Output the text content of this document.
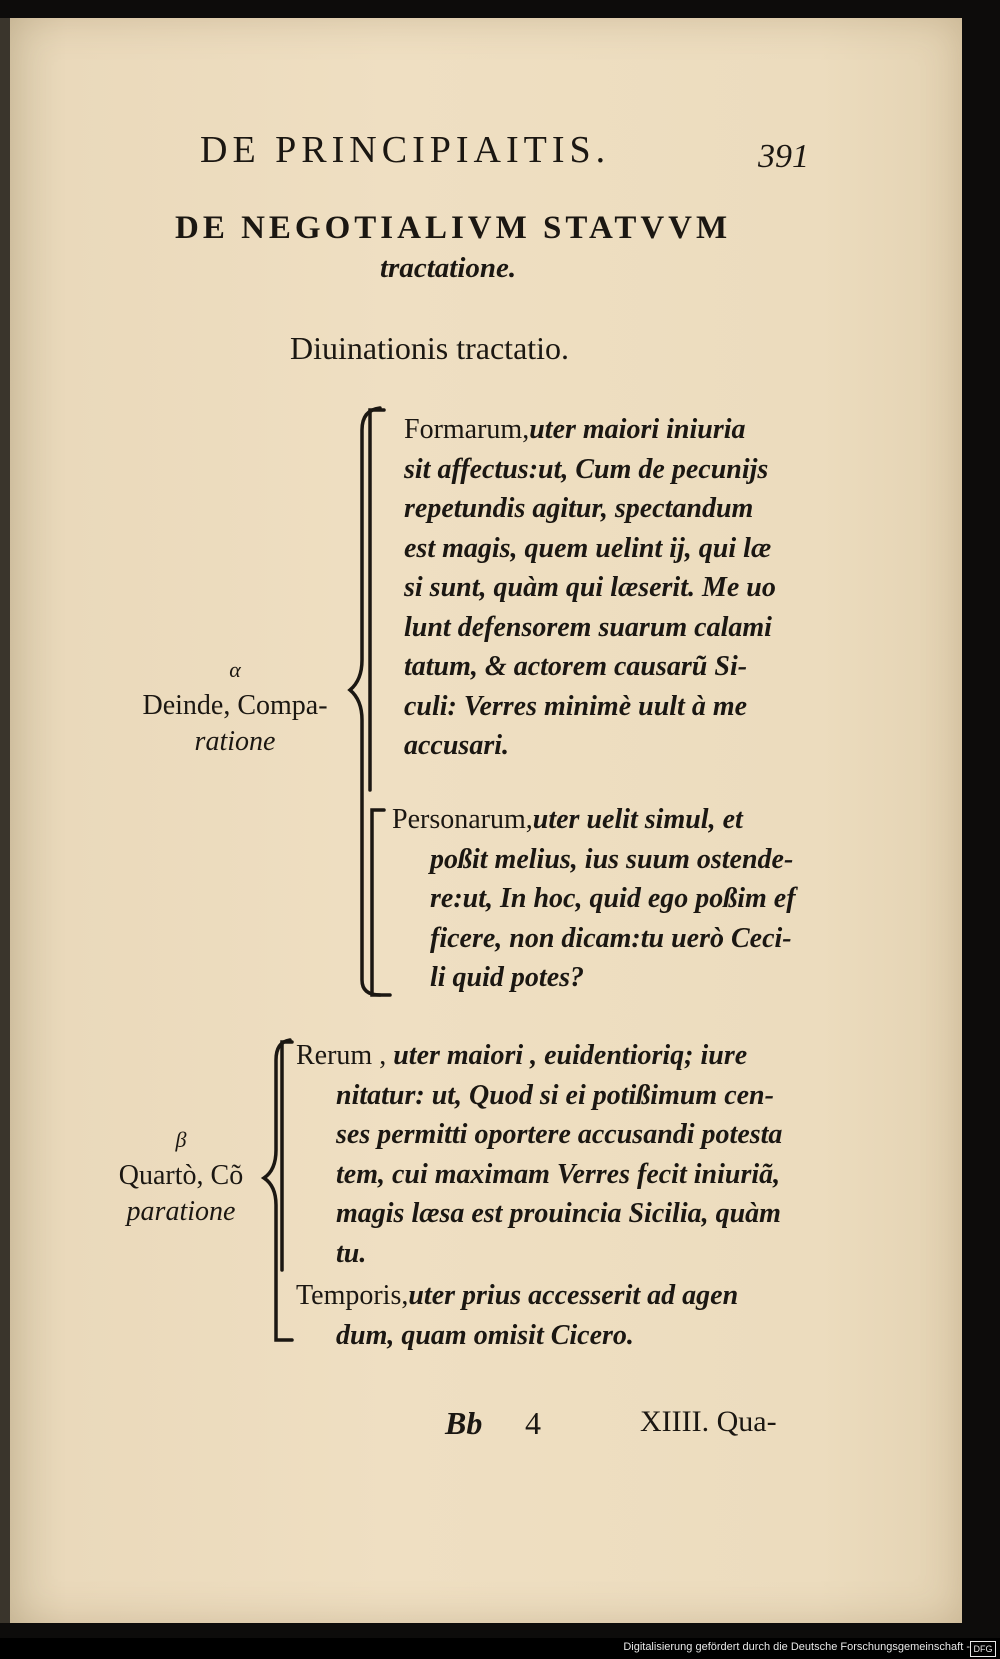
DE PRINCIPIAITIS.	391
DE NEGOTIALIVM STATVVM
tractatione.
Diuinationis tractatio.
α
Deinde, Compa-
ratione
Formarum,uter maiori iniuria
sit affectus:ut, Cum de pecunijs
repetundis agitur, spectandum
est magis, quem uelint ij, qui læ
si sunt, quàm qui læserit. Me uo
lunt defensorem suarum calami
tatum, & actorem causarũ Si-
culi: Verres minimè uult à me
accusari.
Personarum,uter uelit simul, et
poßit melius, ius suum ostende-
re:ut, In hoc, quid ego poßim ef
ficere, non dicam:tu uerò Ceci-
li quid potes?
β
Quartò, Cõ
paratione
Rerum , uter maiori , euidentioriq; iure
nitatur: ut, Quod si ei potißimum cen-
ses permitti oportere accusandi potesta
tem, cui maximam Verres fecit iniuriã,
magis læsa est prouincia Sicilia, quàm
tu.
Temporis,uter prius accesserit ad agen
dum, quam omisit Cicero.
Bb 4	XIIII. Qua-
Digitalisierung gefördert durch die Deutsche Forschungsgemeinschaft - DFG
